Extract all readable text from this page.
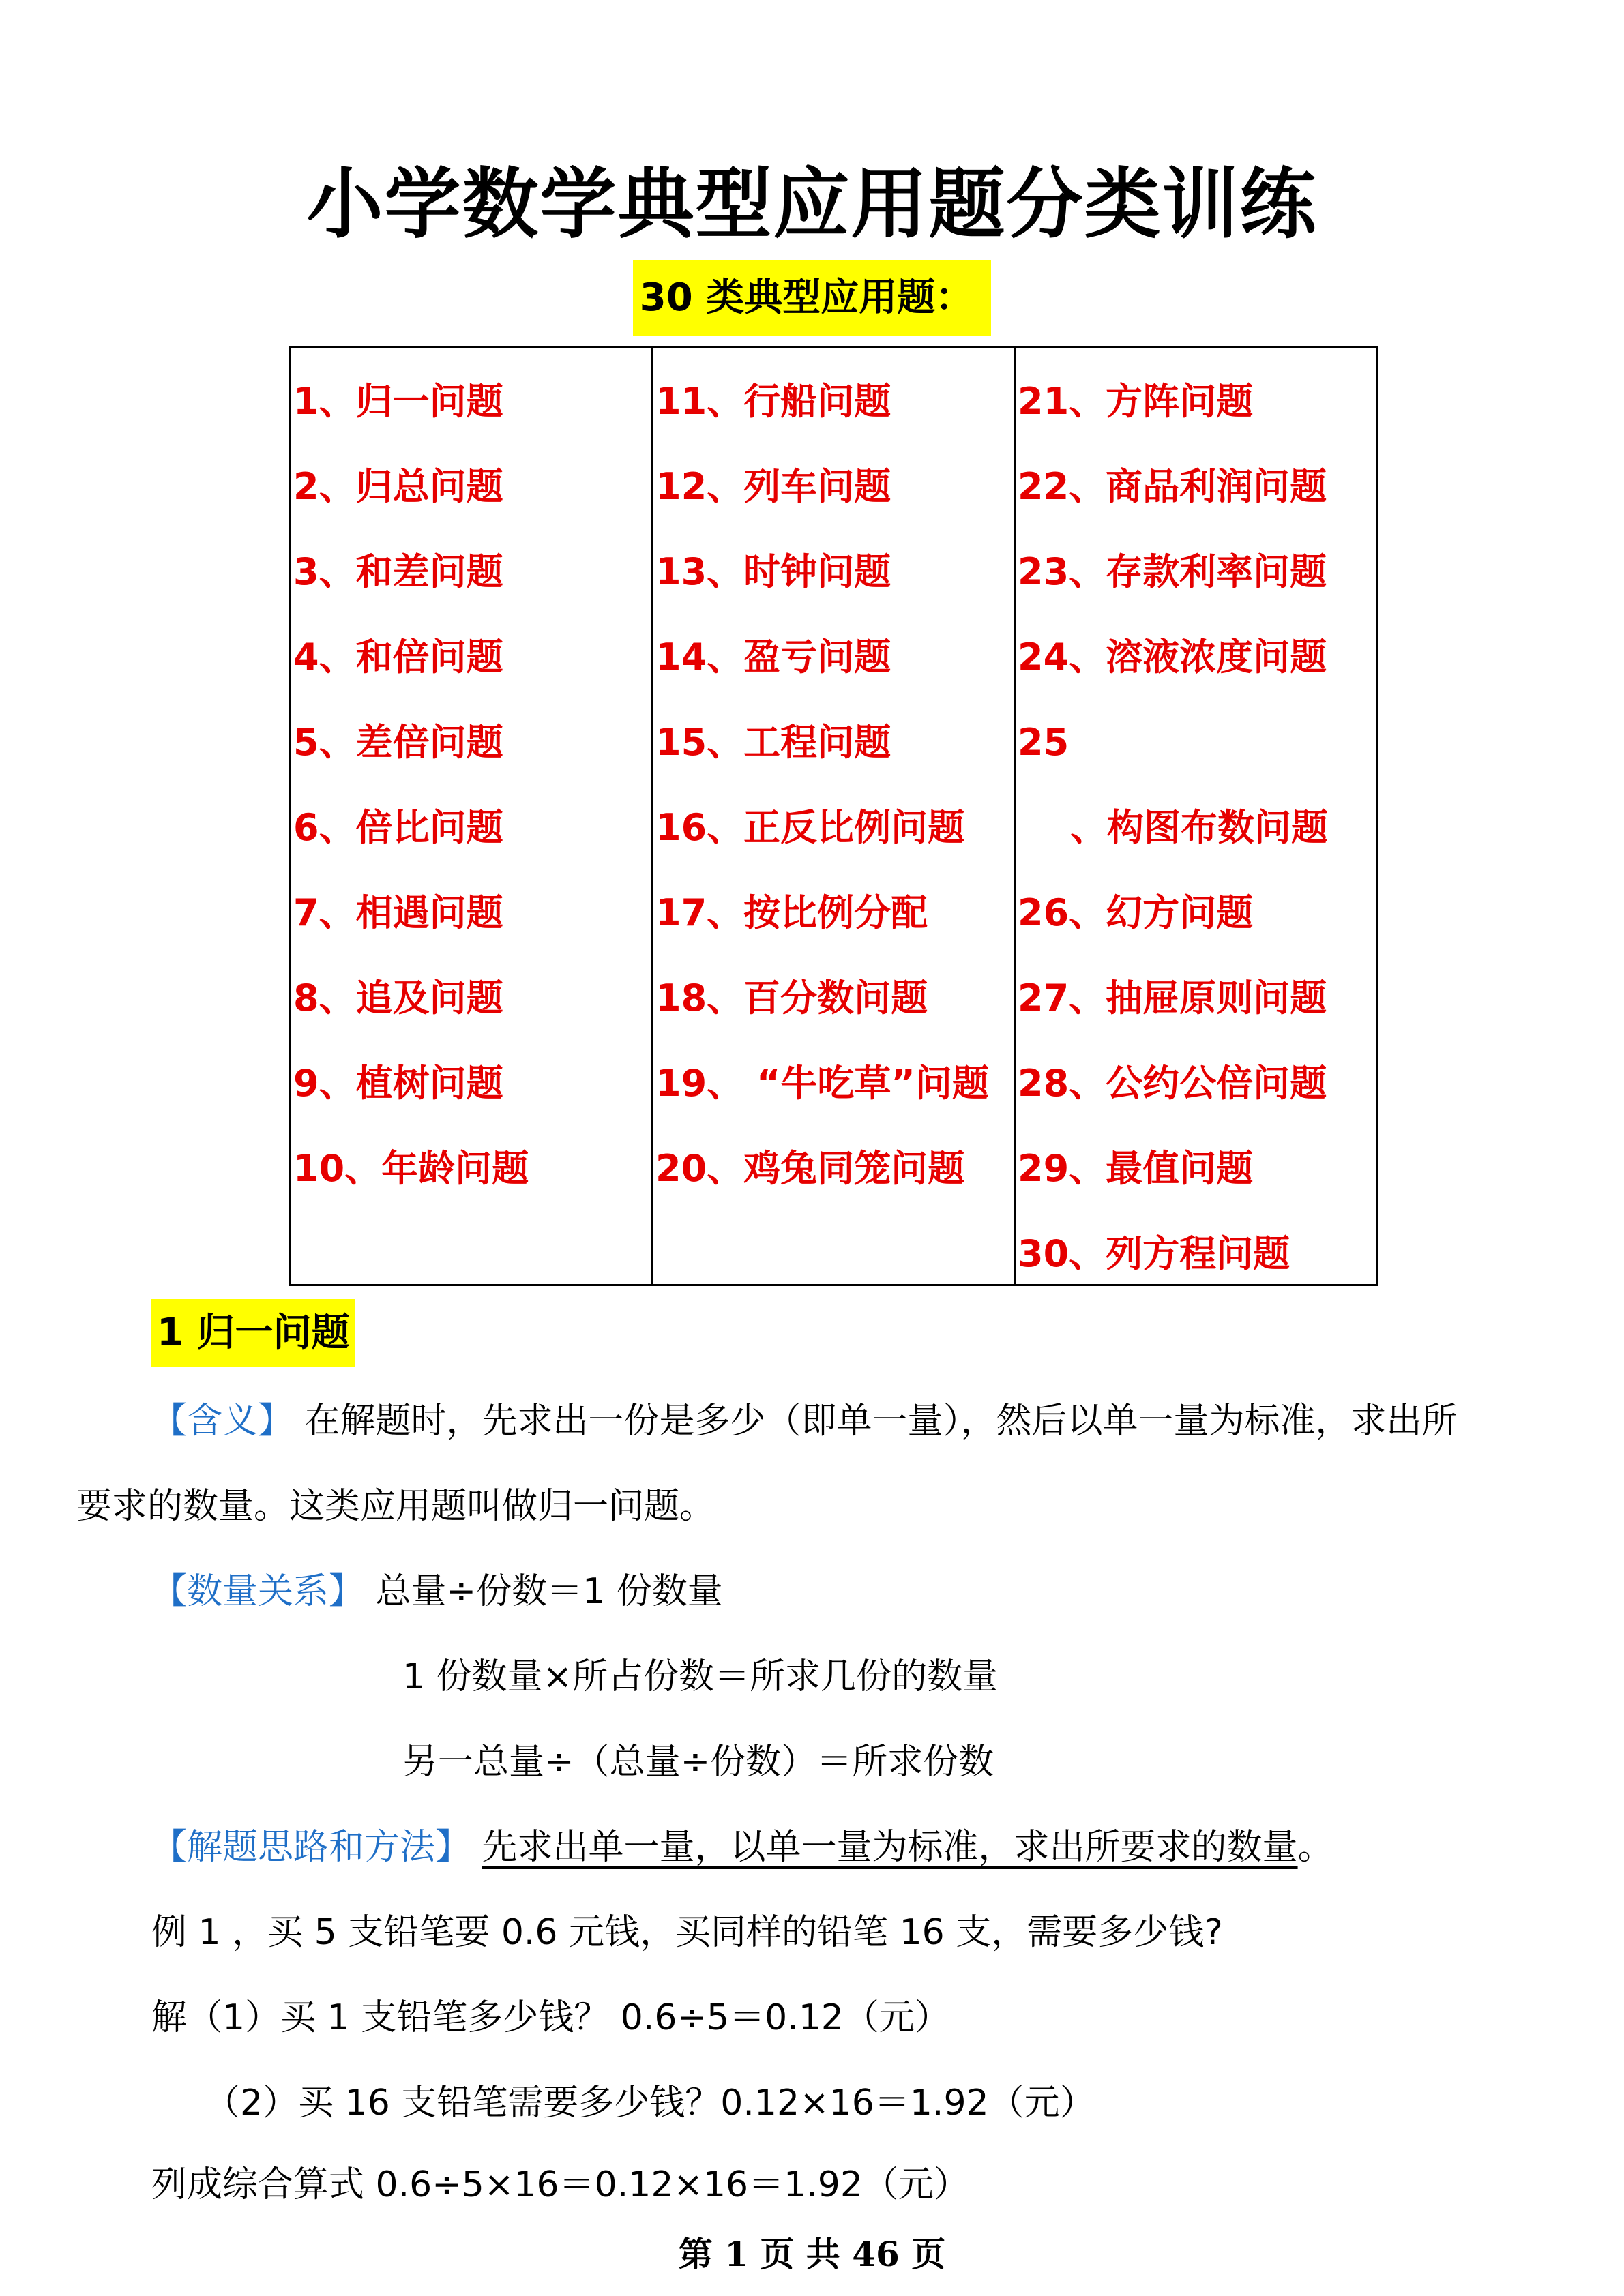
小学数学典型应用题分类训练
30 类典型应用题：
1、归一问题
2、归总问题
3、和差问题
4、和倍问题
5、差倍问题
6、倍比问题
7、相遇问题
8、追及问题
9、植树问题
10、年龄问题
11、行船问题
12、列车问题
13、时钟问题
14、盈亏问题
15、工程问题
16、正反比例问题
17、按比例分配
18、百分数问题
19、 “牛吃草”问题
20、鸡兔同笼问题
21、方阵问题
22、商品利润问题
23、存款利率问题
24、溶液浓度问题
25
、构图布数问题
26、幻方问题
27、抽屉原则问题
28、公约公倍问题
29、最值问题
30、列方程问题
1 归一问题
【含义】 在解题时，先求出一份是多少（即单一量），然后以单一量为标准，求出所
要求的数量。这类应用题叫做归一问题。
【数量关系】 总量÷份数＝1 份数量
1 份数量×所占份数＝所求几份的数量
另一总量÷（总量÷份数）＝所求份数
【解题思路和方法】 先求出单一量，以单一量为标准，求出所要求的数量。
例 1 ，买 5 支铅笔要 0.6 元钱，买同样的铅笔 16 支，需要多少钱?
解（1）买 1 支铅笔多少钱？ 0.6÷5＝0.12（元）
（2）买 16 支铅笔需要多少钱？0.12×16＝1.92（元）
列成综合算式 0.6÷5×16＝0.12×16＝1.92（元）
第 1 页 共 46 页
